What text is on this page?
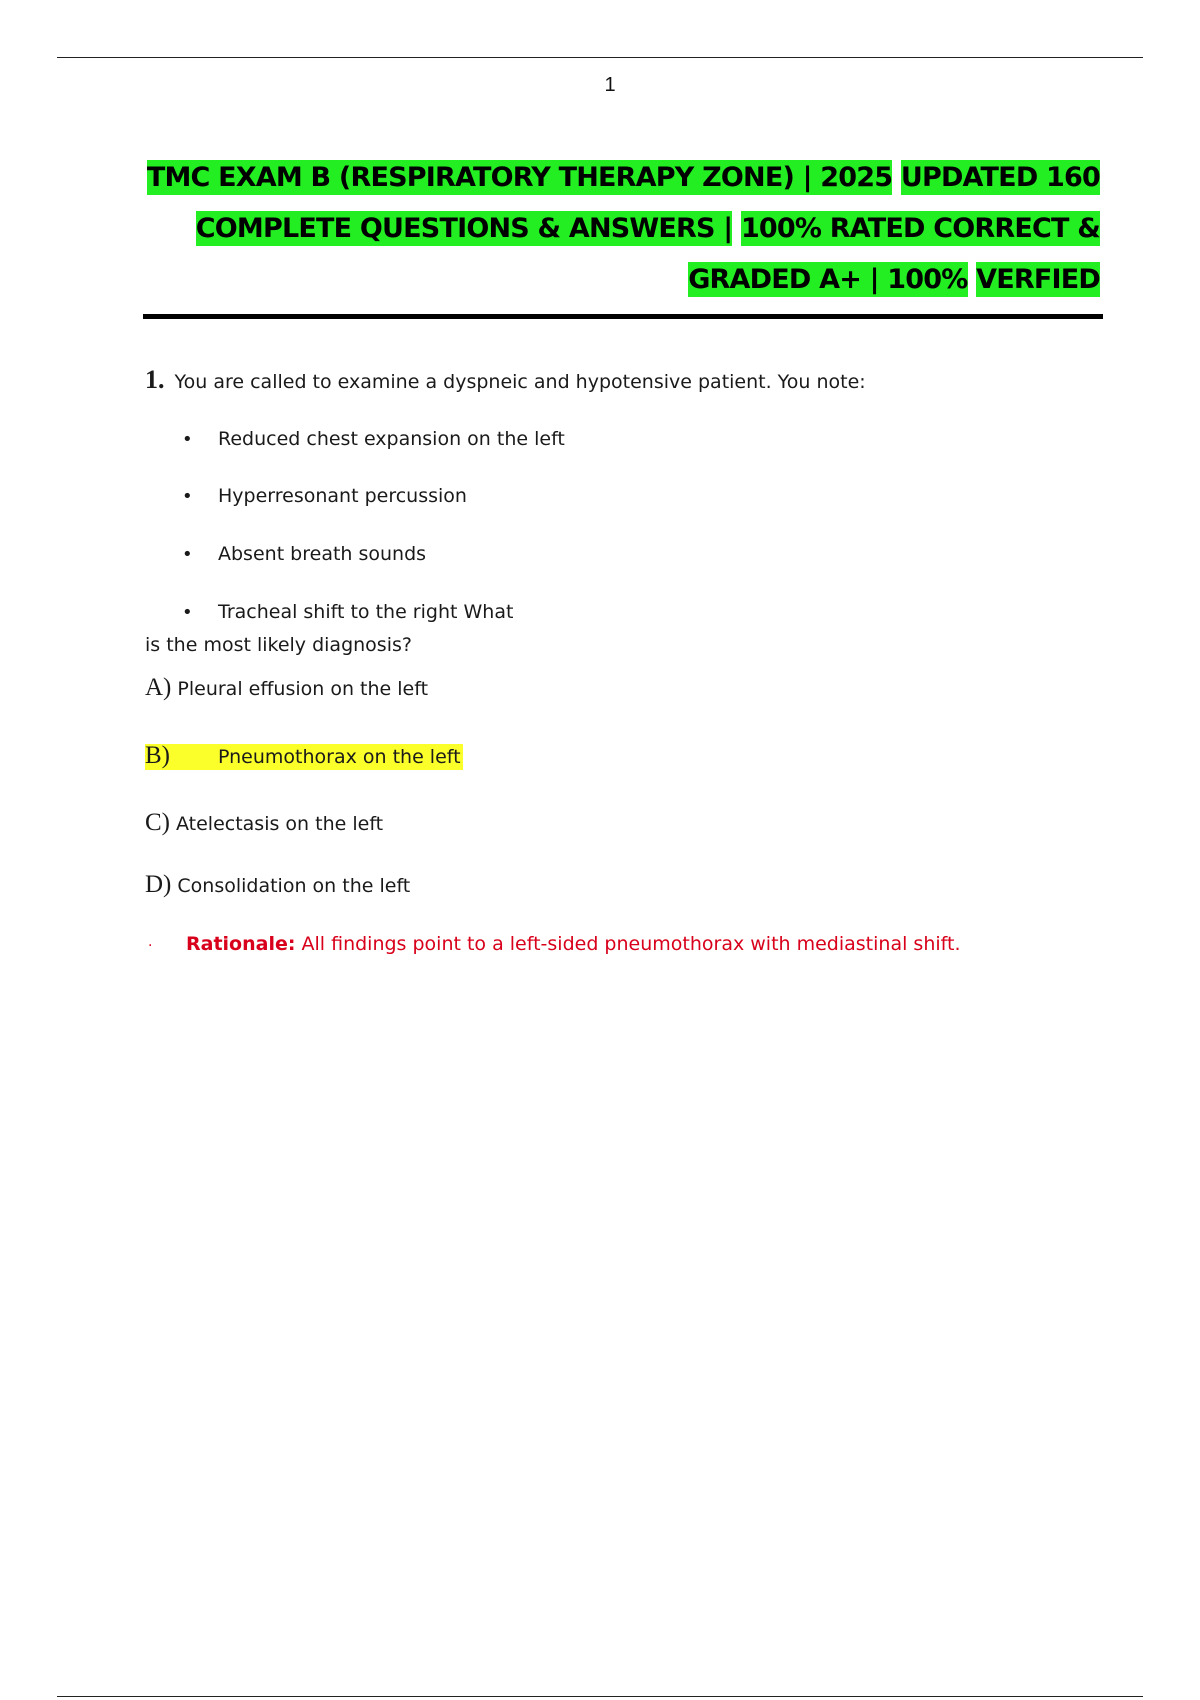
1
TMC EXAM B (RESPIRATORY THERAPY ZONE) | 2025 UPDATED 160
COMPLETE QUESTIONS & ANSWERS | 100% RATED CORRECT &
GRADED A+ | 100% VERFIED
1. You are called to examine a dyspneic and hypotensive patient. You note:
• Reduced chest expansion on the left
• Hyperresonant percussion
• Absent breath sounds
• Tracheal shift to the right What
is the most likely diagnosis?
A) Pleural effusion on the left
B)	Pneumothorax on the left
C) Atelectasis on the left
D) Consolidation on the left
· Rationale: All findings point to a left-sided pneumothorax with mediastinal shift.
